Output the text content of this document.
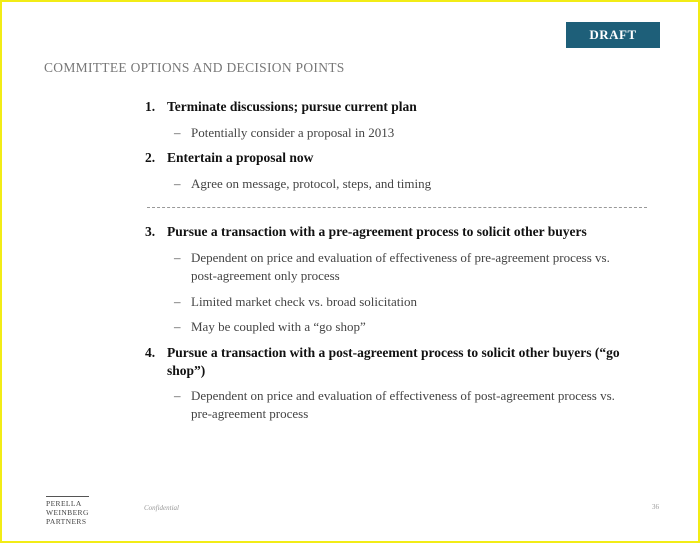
DRAFT
COMMITTEE OPTIONS AND DECISION POINTS
1. Terminate discussions; pursue current plan
– Potentially consider a proposal in 2013
2. Entertain a proposal now
– Agree on message, protocol, steps, and timing
3. Pursue a transaction with a pre-agreement process to solicit other buyers
– Dependent on price and evaluation of effectiveness of pre-agreement process vs. post-agreement only process
– Limited market check vs. broad solicitation
– May be coupled with a “go shop”
4. Pursue a transaction with a post-agreement process to solicit other buyers (“go shop”)
– Dependent on price and evaluation of effectiveness of post-agreement process vs. pre-agreement process
PERELLA
WEINBERG
PARTNERS
Confidential	36
